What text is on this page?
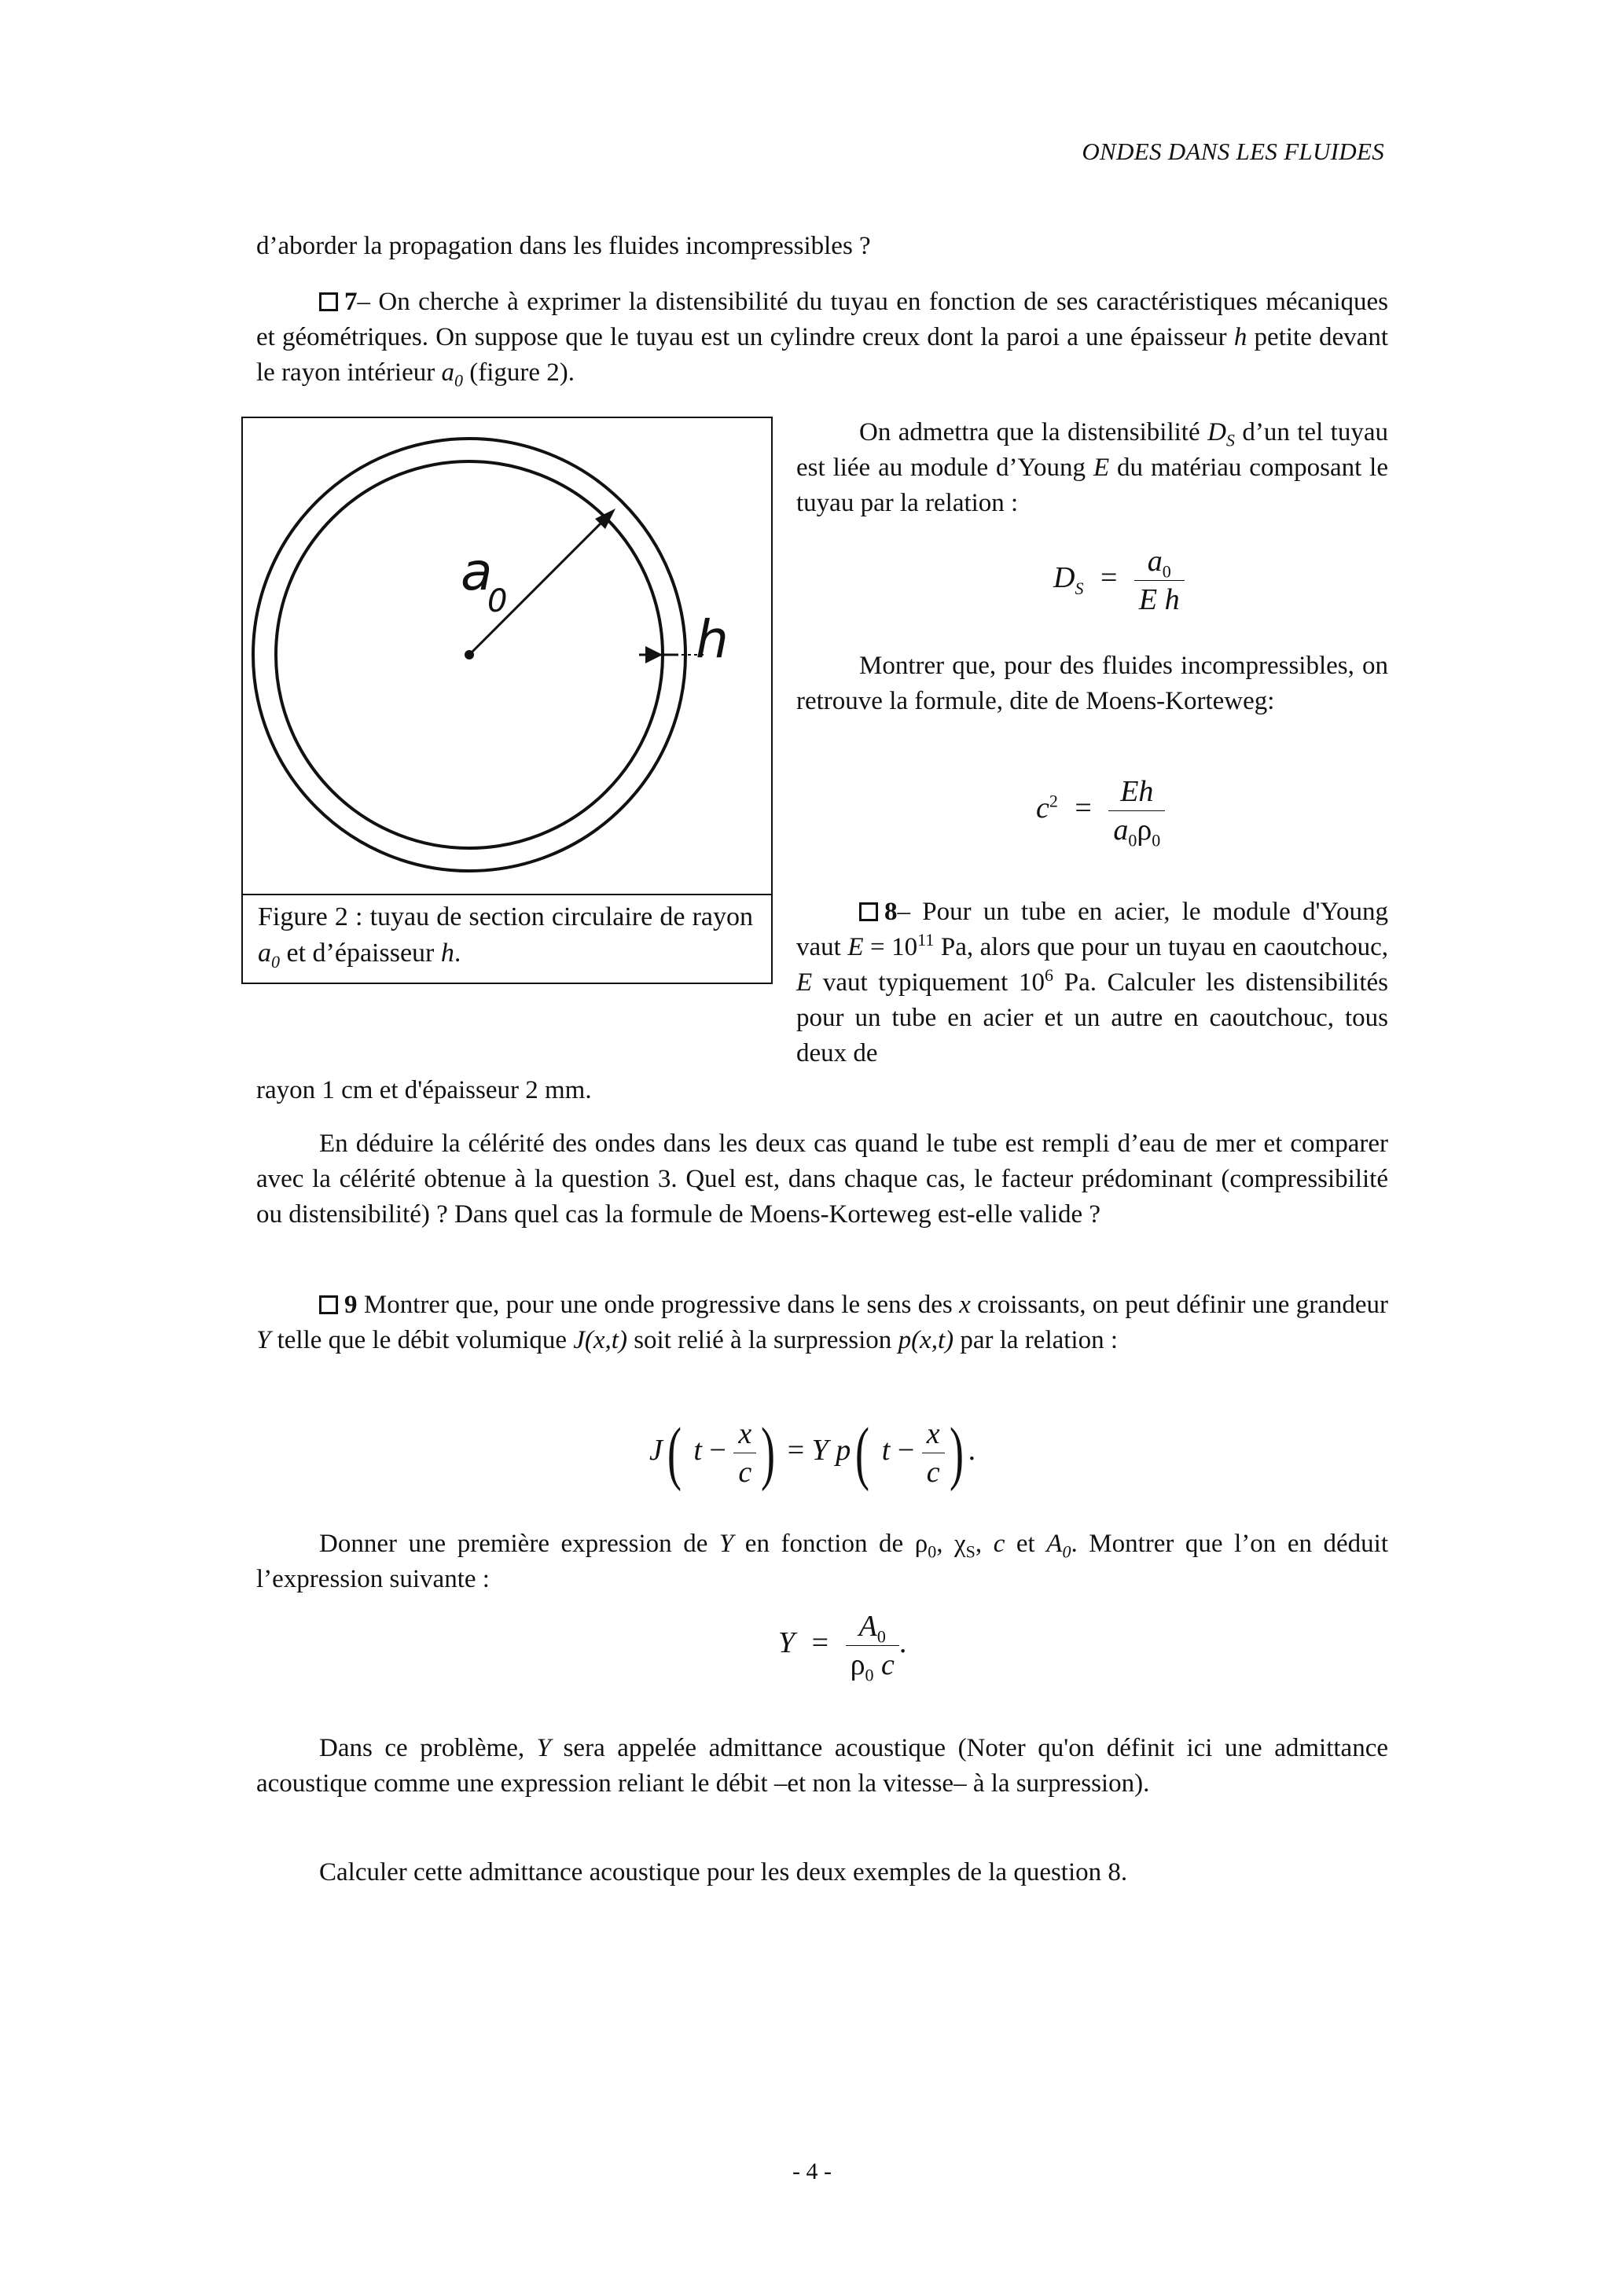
ONDES DANS LES FLUIDES
d’aborder la propagation dans les fluides incompressibles ?
7– On cherche à exprimer la distensibilité du tuyau en fonction de ses caractéristiques mécaniques et géométriques. On suppose que le tuyau est un cylindre creux dont la paroi a une épaisseur h petite devant le rayon intérieur $a_0$ (figure 2).
a
0
h
Figure 2 : tuyau de section circulaire de rayon $a_0$ et d’épaisseur h.
On admettra que la distensibilité $D_S$ d’un tel tuyau est liée au module d’Young E du matériau composant le tuyau par la relation :
$D_S = \frac{a_0}{\text{E h}}$
Montrer que, pour des fluides incompressibles, on retrouve la formule, dite de Moens-Korteweg:
$c^2 = \frac{Eh}{a_0\rho_0}$
8– Pour un tube en acier, le module d'Young vaut $E = 10^{11}$ Pa, alors que pour un tuyau en caoutchouc, E vaut typiquement $10^6$ Pa. Calculer les distensibilités pour un tube en acier et un autre en caoutchouc, tous deux de
rayon 1 cm et d'épaisseur 2 mm.
En déduire la célérité des ondes dans les deux cas quand le tube est rempli d’eau de mer et comparer avec la célérité obtenue à la question 3. Quel est, dans chaque cas, le facteur prédominant (compressibilité ou distensibilité) ? Dans quel cas la formule de Moens-Korteweg est-elle valide ?
9 Montrer que, pour une onde progressive dans le sens des x croissants, on peut définir une grandeur Y telle que le débit volumique J(x,t) soit relié à la surpression p(x,t) par la relation :
J( $t - \frac{x}{c}$ ) = Y p( $t - \frac{x}{c}$ ) .
Donner une première expression de Y en fonction de $\rho_0$, $\chi_S$, c et $A_0$. Montrer que l’on en déduit l’expression suivante :
$Y = \frac{A_0}{\rho_0 c}$ .
Dans ce problème, Y sera appelée admittance acoustique (Noter qu'on définit ici une admittance acoustique comme une expression reliant le débit –et non la vitesse– à la surpression).
Calculer cette admittance acoustique pour les deux exemples de la question 8.
- 4 -
